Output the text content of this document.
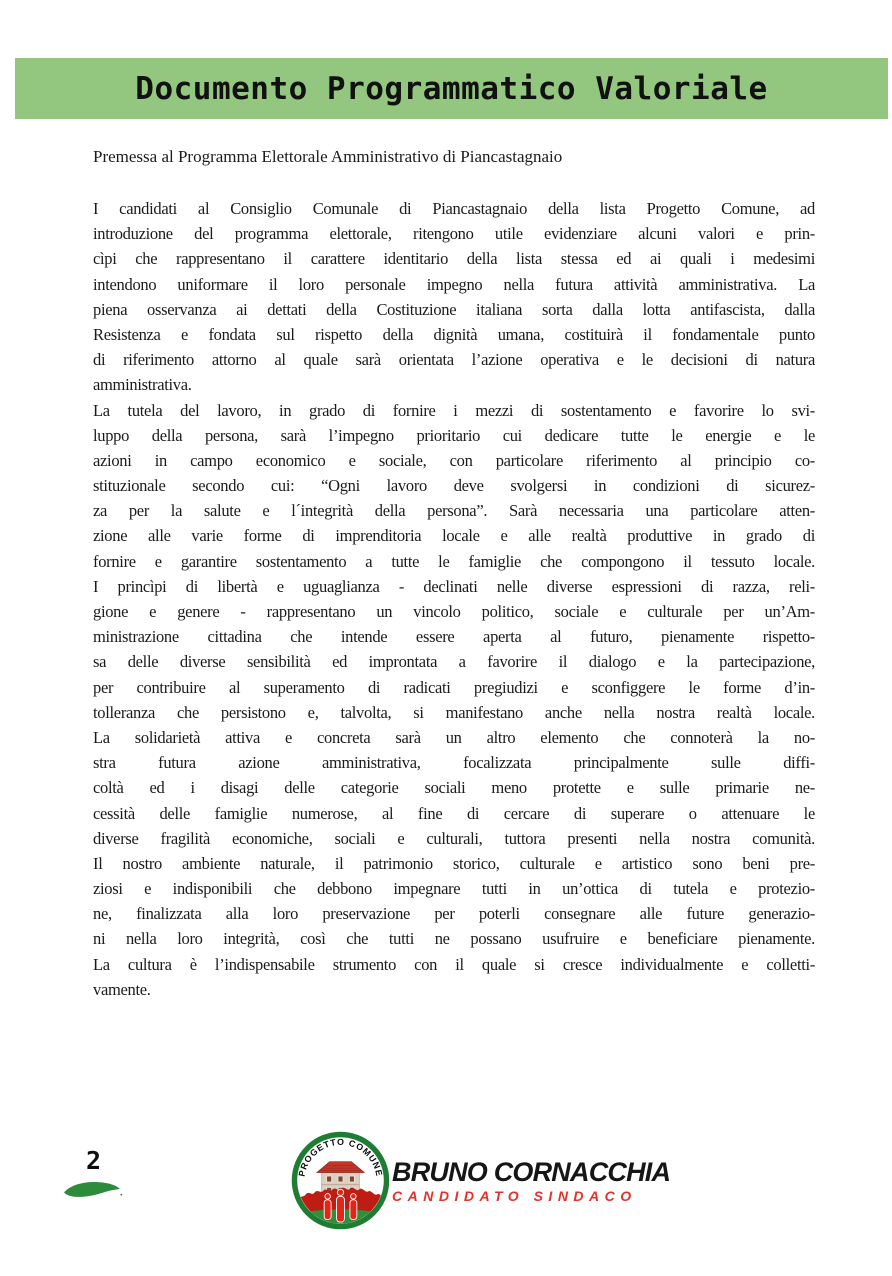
Documento Programmatico Valoriale
Premessa al Programma Elettorale Amministrativo di Piancastagnaio
I candidati al Consiglio Comunale di Piancastagnaio della lista Progetto Comune, ad
introduzione del programma elettorale, ritengono utile evidenziare alcuni valori e prin-
cìpi che rappresentano il carattere identitario della lista stessa ed ai quali i medesimi
intendono uniformare il loro personale impegno nella futura attività amministrativa. La
piena osservanza ai dettati della Costituzione italiana sorta dalla lotta antifascista, dalla
Resistenza e fondata sul rispetto della dignità umana, costituirà il fondamentale punto
di riferimento attorno al quale sarà orientata l’azione operativa e le decisioni di natura
amministrativa.
La tutela del lavoro, in grado di fornire i mezzi di sostentamento e favorire lo svi-
luppo della persona, sarà l’impegno prioritario cui dedicare tutte le energie e le
azioni in campo economico e sociale, con particolare riferimento al principio co-
stituzionale secondo cui: “Ogni lavoro deve svolgersi in condizioni di sicurez-
za per la salute e l´integrità della persona”. Sarà necessaria una particolare atten-
zione alle varie forme di imprenditoria locale e alle realtà produttive in grado di
fornire e garantire sostentamento a tutte le famiglie che compongono il tessuto locale.
I princìpi di libertà e uguaglianza - declinati nelle diverse espressioni di razza, reli-
gione e genere - rappresentano un vincolo politico, sociale e culturale per un’Am-
ministrazione cittadina che intende essere aperta al futuro, pienamente rispetto-
sa delle diverse sensibilità ed improntata a favorire il dialogo e la partecipazione,
per contribuire al superamento di radicati pregiudizi e sconfiggere le forme d’in-
tolleranza che persistono e, talvolta, si manifestano anche nella nostra realtà locale.
La solidarietà attiva e concreta sarà un altro elemento che connoterà la no-
stra futura azione amministrativa, focalizzata principalmente sulle diffi-
coltà ed i disagi delle categorie sociali meno protette e sulle primarie ne-
cessità delle famiglie numerose, al fine di cercare di superare o attenuare le
diverse fragilità economiche, sociali e culturali, tuttora presenti nella nostra comunità.
Il nostro ambiente naturale, il patrimonio storico, culturale e artistico sono beni pre-
ziosi e indisponibili che debbono impegnare tutti in un’ottica di tutela e protezio-
ne, finalizzata alla loro preservazione per poterli consegnare alle future generazio-
ni nella loro integrità, così che tutti ne possano usufruire e beneficiare pienamente.
La cultura è l’indispensabile strumento con il quale si cresce individualmente e colletti-
vamente.
2	PROGETTO COMUNE BRUNO CORNACCHIA
CANDIDATO SINDACO
